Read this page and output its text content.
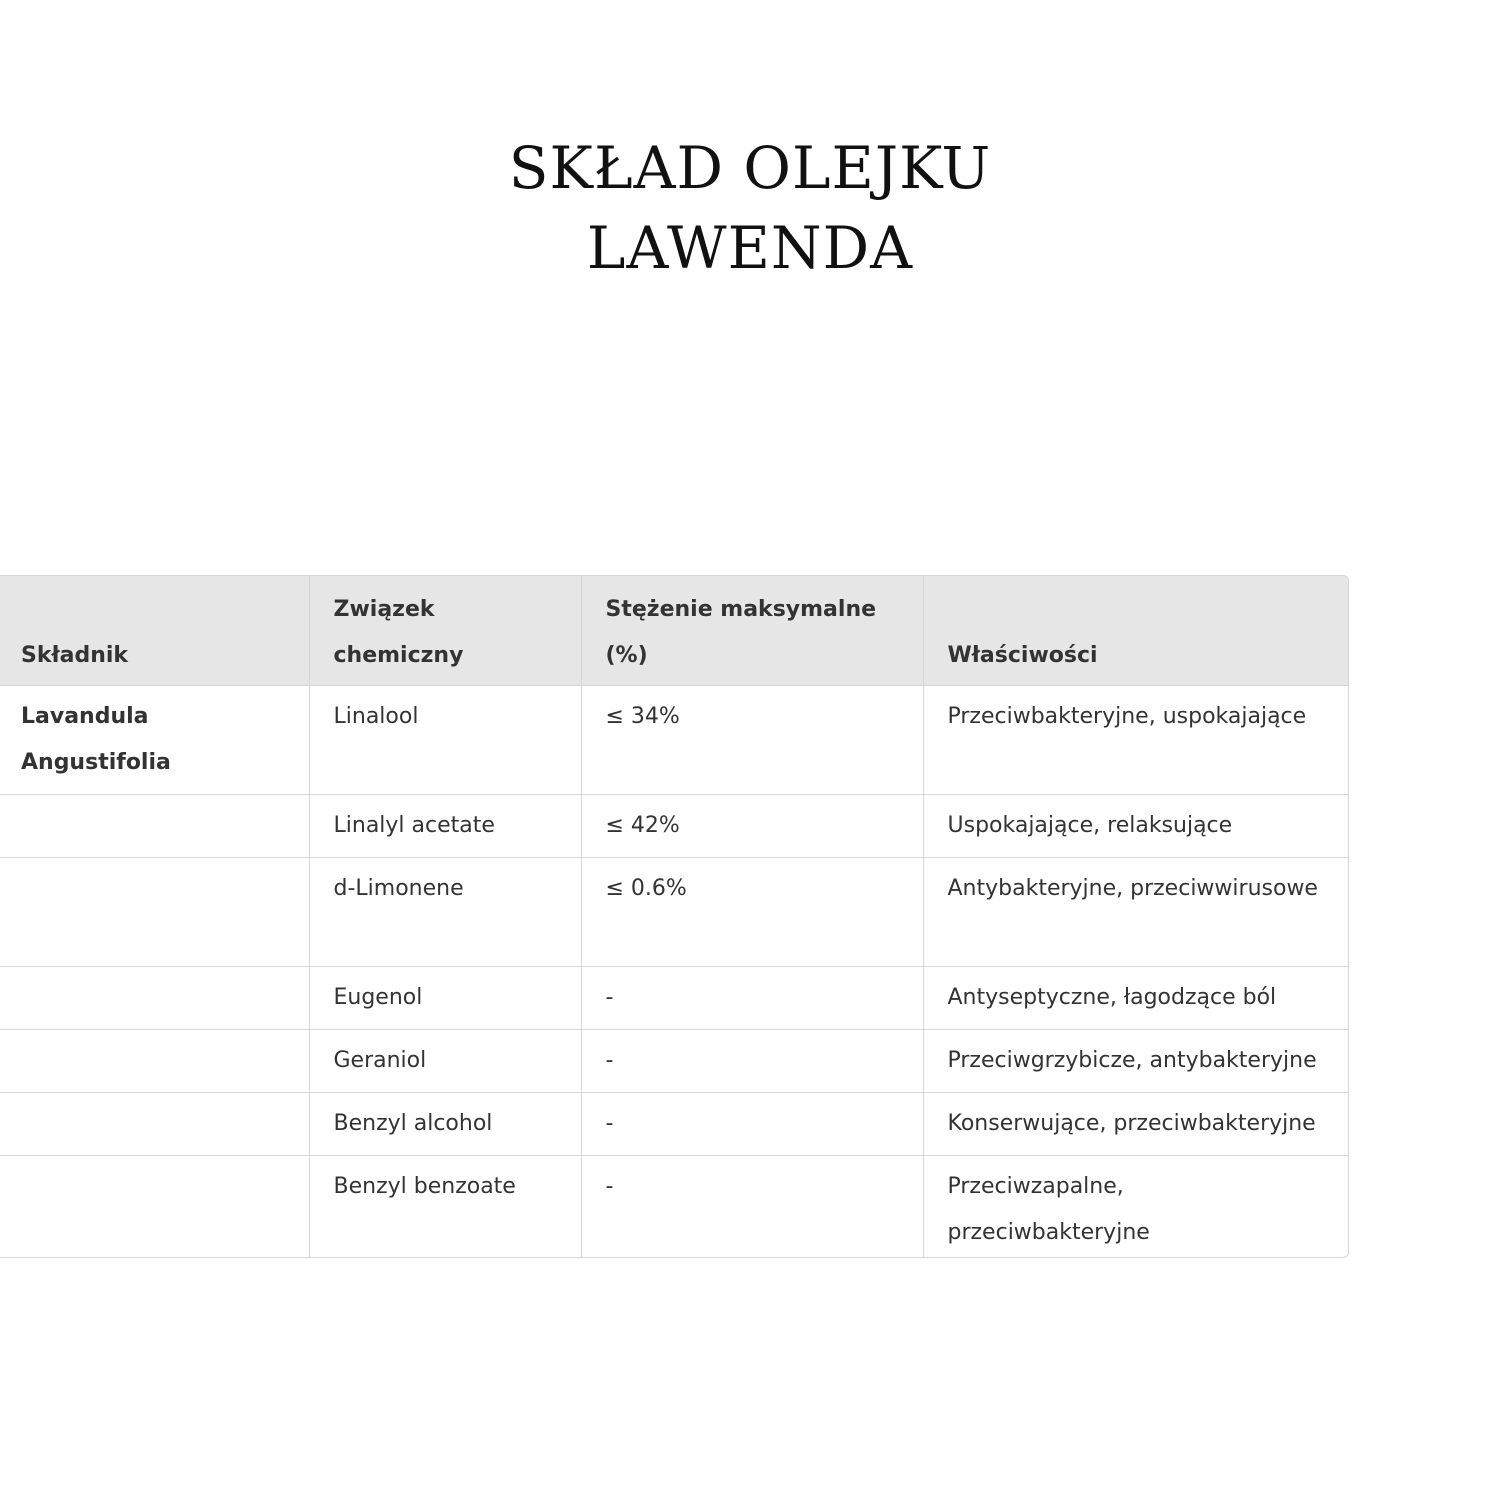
SKŁAD OLEJKU
LAWENDA
Składnik	Związek chemiczny	Stężenie maksymalne (%)	Właściwości
Lavandula Angustifolia	Linalool	≤ 34%	Przeciwbakteryjne, uspokajające
	Linalyl acetate	≤ 42%	Uspokajające, relaksujące
	d-Limonene	≤ 0.6%	Antybakteryjne, przeciwwirusowe
	Eugenol	-	Antyseptyczne, łagodzące ból
	Geraniol	-	Przeciwgrzybicze, antybakteryjne
	Benzyl alcohol	-	Konserwujące, przeciwbakteryjne
	Benzyl benzoate	-	Przeciwzapalne, przeciwbakteryjne
